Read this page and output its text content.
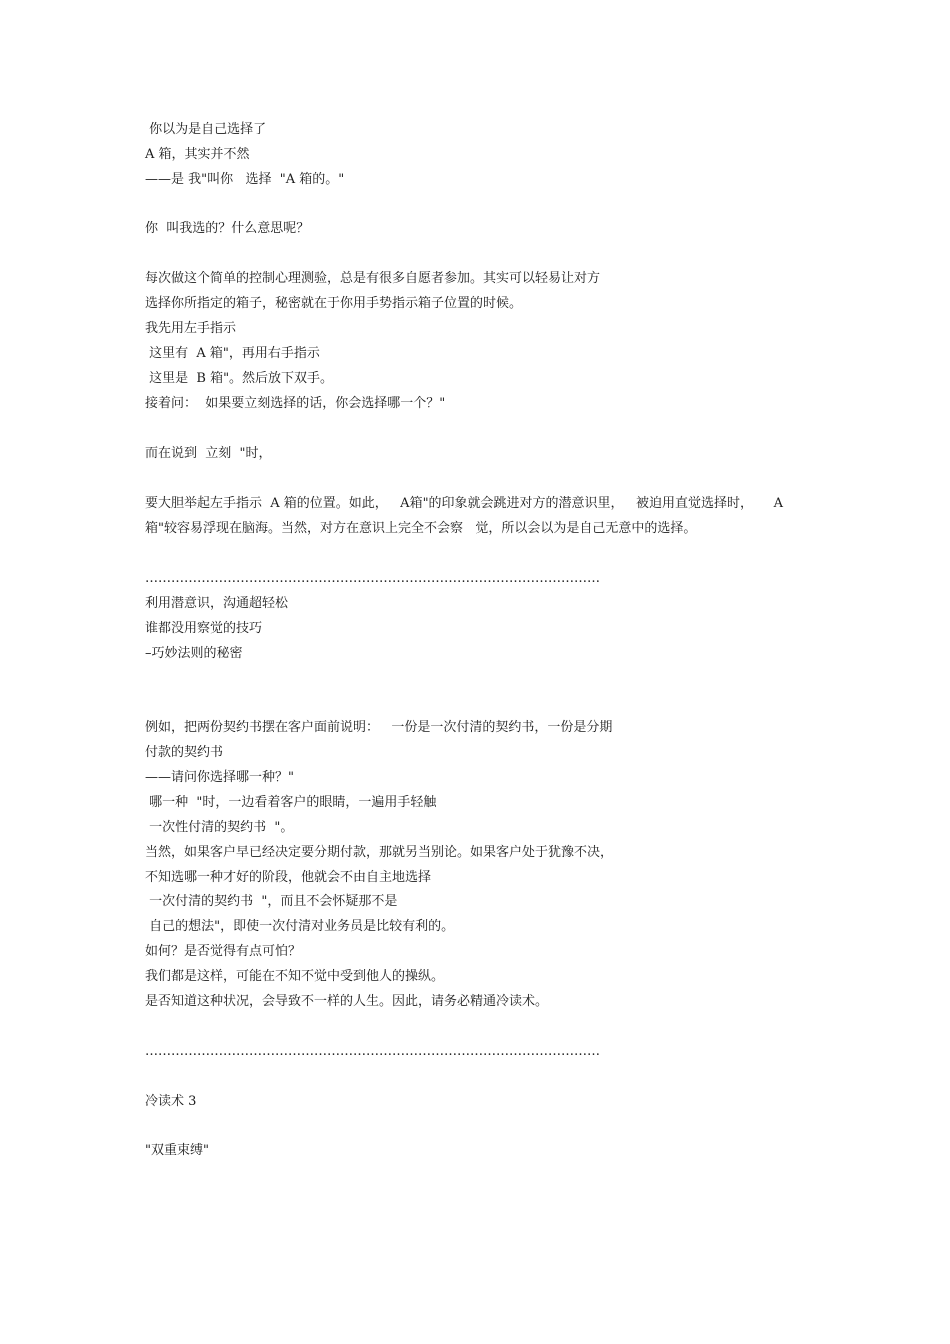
你以为是自己选择了

A 箱，其实并不然

——是 我"叫你   选择  "A 箱的。"

你  叫我选的？什么意思呢？

每次做这个简单的控制心理测验，总是有很多自愿者参加。其实可以轻易让对方

选择你所指定的箱子，秘密就在于你用手势指示箱子位置的时候。

我先用左手指示

这里有  A 箱"，再用右手指示

这里是  B 箱"。然后放下双手。

接着问：  如果要立刻选择的话，你会选择哪一个？"

而在说到  立刻  "时，

要大胆举起左手指示  A 箱的位置。如此，   A箱"的印象就会跳进对方的潜意识里，   被迫用直觉选择时，     A

箱"较容易浮现在脑海。当然，对方在意识上完全不会察   觉，所以会以为是自己无意中的选择。

……………………………………………………………………………………………

利用潜意识，沟通超轻松

谁都没用察觉的技巧

–巧妙法则的秘密

例如，把两份契约书摆在客户面前说明：   一份是一次付清的契约书，一份是分期

付款的契约书

——请问你选择哪一种？"

哪一种  "时，一边看着客户的眼睛，一遍用手轻触

一次性付清的契约书  "。

当然，如果客户早已经决定要分期付款，那就另当别论。如果客户处于犹豫不决，

不知选哪一种才好的阶段，他就会不由自主地选择

一次付清的契约书  "，而且不会怀疑那不是

自己的想法"，即使一次付清对业务员是比较有利的。

如何？是否觉得有点可怕？

我们都是这样，可能在不知不觉中受到他人的操纵。

是否知道这种状况，会导致不一样的人生。因此，请务必精通冷读术。

……………………………………………………………………………………………

冷读术 3

"双重束缚"
